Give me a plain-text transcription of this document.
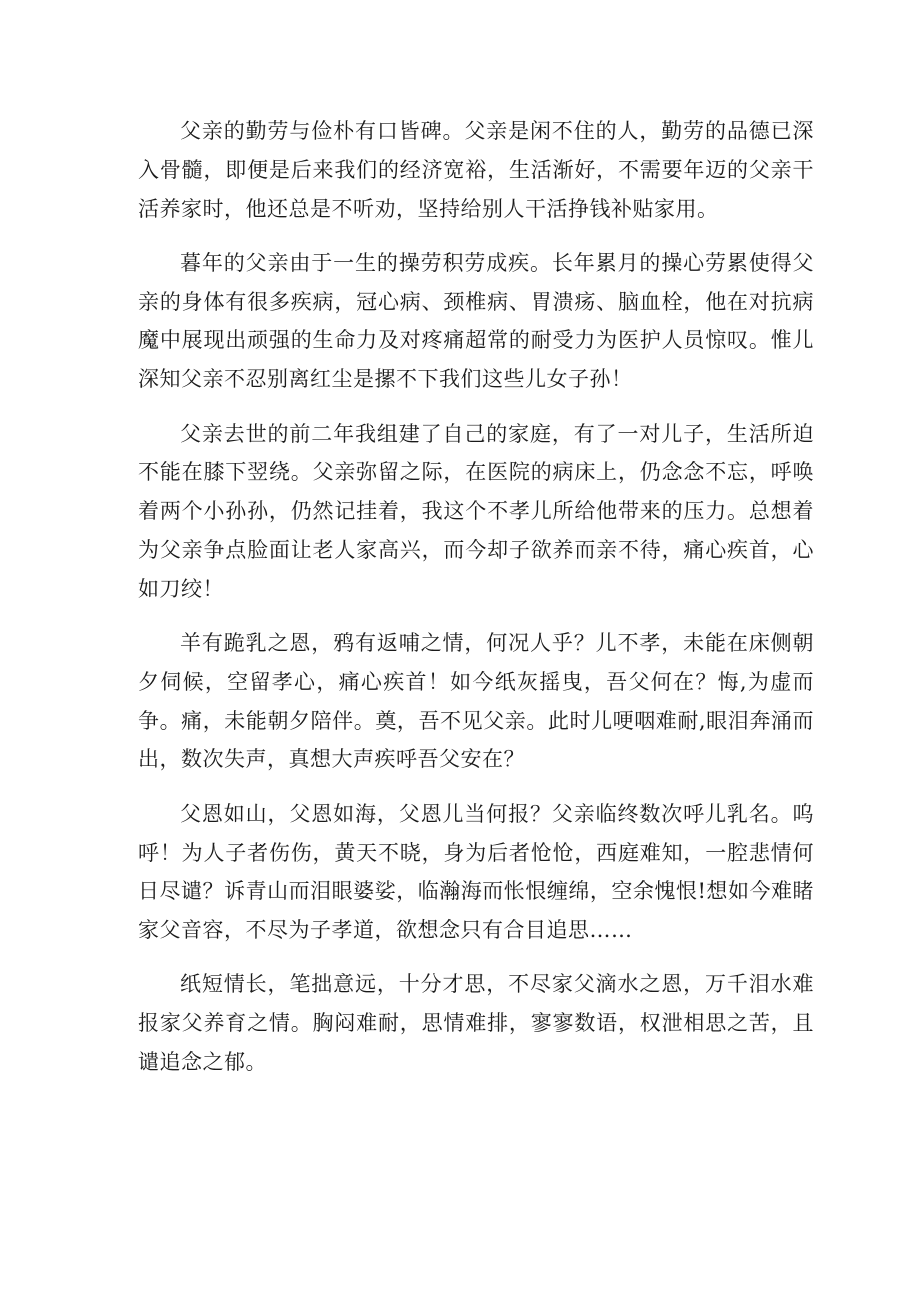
父亲的勤劳与俭朴有口皆碑。父亲是闲不住的人，勤劳的品德已深入骨髓，即便是后来我们的经济宽裕，生活渐好，不需要年迈的父亲干活养家时，他还总是不听劝，坚持给别人干活挣钱补贴家用。

暮年的父亲由于一生的操劳积劳成疾。长年累月的操心劳累使得父亲的身体有很多疾病，冠心病、颈椎病、胃溃疡、脑血栓，他在对抗病魔中展现出顽强的生命力及对疼痛超常的耐受力为医护人员惊叹。惟儿深知父亲不忍别离红尘是摞不下我们这些儿女子孙！

父亲去世的前二年我组建了自己的家庭，有了一对儿子，生活所迫不能在膝下翌绕。父亲弥留之际，在医院的病床上，仍念念不忘，呼唤着两个小孙孙，仍然记挂着，我这个不孝儿所给他带来的压力。总想着为父亲争点脸面让老人家高兴，而今却子欲养而亲不待，痛心疾首，心如刀绞！

羊有跪乳之恩，鸦有返哺之情，何况人乎？儿不孝，未能在床侧朝夕伺候，空留孝心，痛心疾首！如今纸灰摇曳，吾父何在？悔,为虚而争。痛，未能朝夕陪伴。奠，吾不见父亲。此时儿哽咽难耐,眼泪奔涌而出，数次失声，真想大声疾呼吾父安在？

父恩如山，父恩如海，父恩儿当何报？父亲临终数次呼儿乳名。呜呼！为人子者伤伤，黄天不晓，身为后者怆怆，西庭难知，一腔悲情何日尽谴？诉青山而泪眼婆娑，临瀚海而怅恨缠绵，空余愧恨!想如今难睹家父音容，不尽为子孝道，欲想念只有合目追思……

纸短情长，笔拙意远，十分才思，不尽家父滴水之恩，万千泪水难报家父养育之情。胸闷难耐，思情难排，寥寥数语，权泄相思之苦，且谴追念之郁。
